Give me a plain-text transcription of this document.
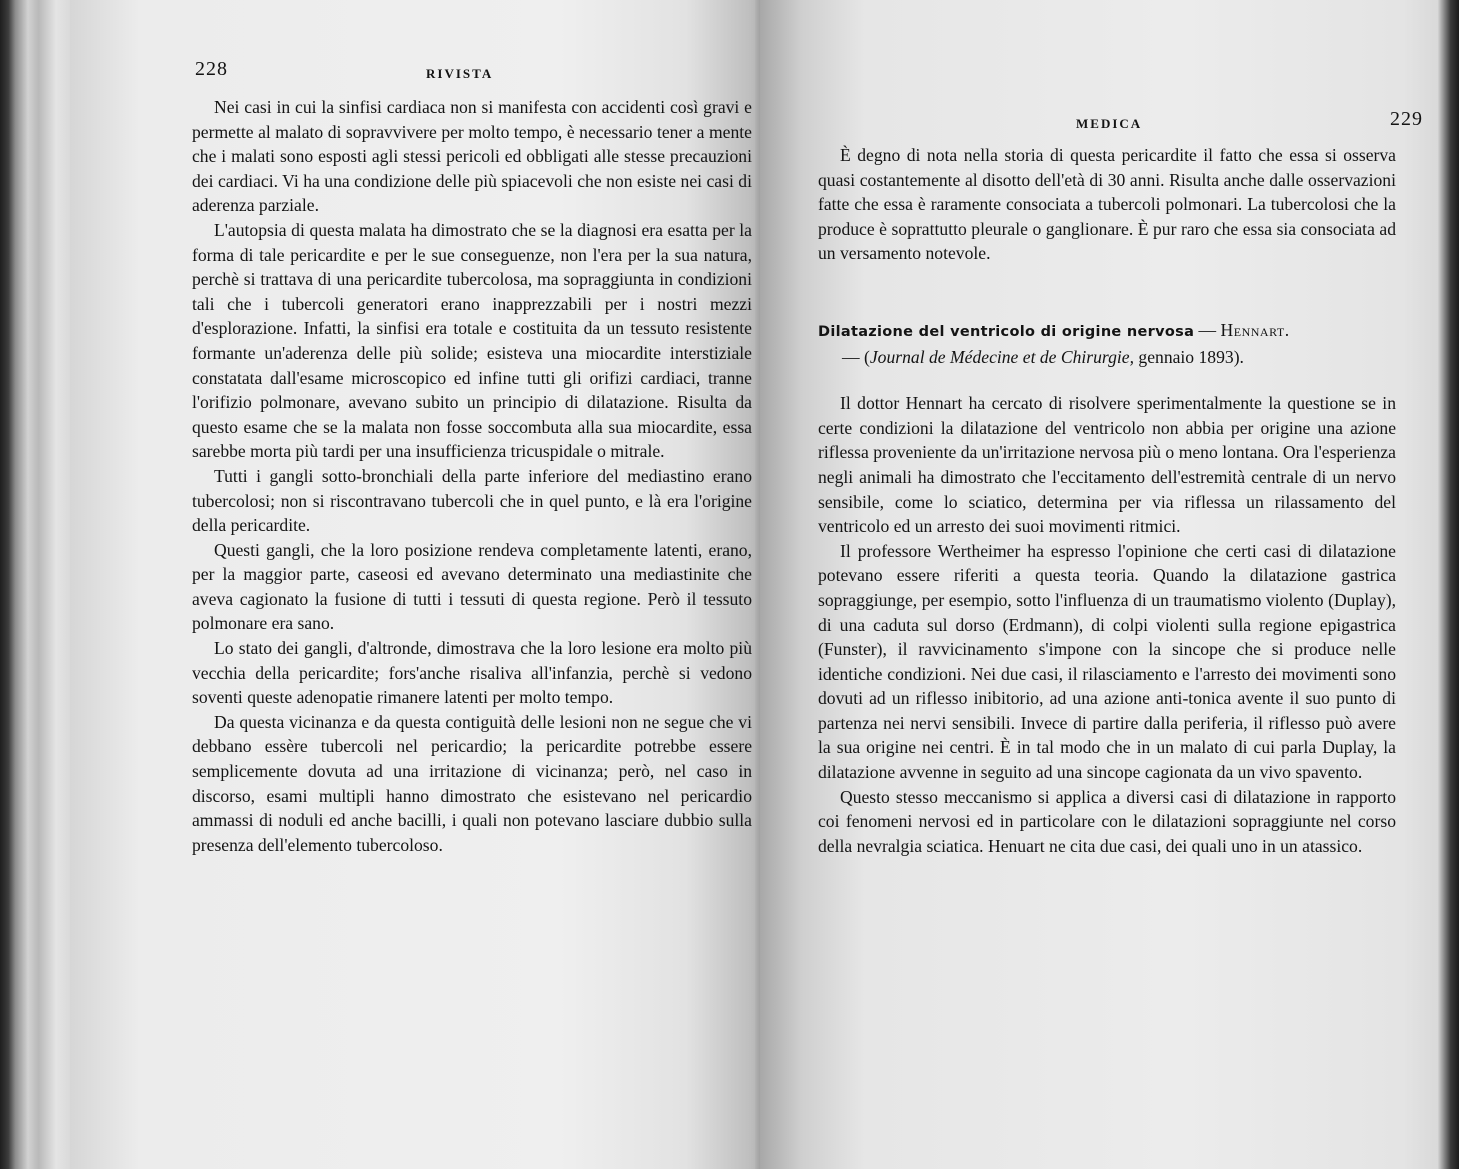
228	RIVISTA

Nei casi in cui la sinfisi cardiaca non si manifesta con accidenti così gravi e permette al malato di sopravvivere per molto tempo, è necessario tener a mente che i malati sono esposti agli stessi pericoli ed obbligati alle stesse precauzioni dei cardiaci. Vi ha una condizione delle più spiacevoli che non esiste nei casi di aderenza parziale.

L'autopsia di questa malata ha dimostrato che se la diagnosi era esatta per la forma di tale pericardite e per le sue conseguenze, non l'era per la sua natura, perchè si trattava di una pericardite tubercolosa, ma sopraggiunta in condizioni tali che i tubercoli generatori erano inapprezzabili per i nostri mezzi d'esplorazione. Infatti, la sinfisi era totale e costituita da un tessuto resistente formante un'aderenza delle più solide; esisteva una miocardite interstiziale constatata dall'esame microscopico ed infine tutti gli orifizi cardiaci, tranne l'orifizio polmonare, avevano subito un principio di dilatazione. Risulta da questo esame che se la malata non fosse soccombuta alla sua miocardite, essa sarebbe morta più tardi per una insufficienza tricuspidale o mitrale.

Tutti i gangli sotto-bronchiali della parte inferiore del mediastino erano tubercolosi; non si riscontravano tubercoli che in quel punto, e là era l'origine della pericardite.

Questi gangli, che la loro posizione rendeva completamente latenti, erano, per la maggior parte, caseosi ed avevano determinato una mediastinite che aveva cagionato la fusione di tutti i tessuti di questa regione. Però il tessuto polmonare era sano.

Lo stato dei gangli, d'altronde, dimostrava che la loro lesione era molto più vecchia della pericardite; fors'anche risaliva all'infanzia, perchè si vedono soventi queste adenopatie rimanere latenti per molto tempo.

Da questa vicinanza e da questa contiguità delle lesioni non ne segue che vi debbano essère tubercoli nel pericardio; la pericardite potrebbe essere semplicemente dovuta ad una irritazione di vicinanza; però, nel caso in discorso, esami multipli hanno dimostrato che esistevano nel pericardio ammassi di noduli ed anche bacilli, i quali non potevano lasciare dubbio sulla presenza dell'elemento tubercoloso.

MEDICA	229

È degno di nota nella storia di questa pericardite il fatto che essa si osserva quasi costantemente al disotto dell'età di 30 anni. Risulta anche dalle osservazioni fatte che essa è raramente consociata a tubercoli polmonari. La tubercolosi che la produce è soprattutto pleurale o ganglionare. È pur raro che essa sia consociata ad un versamento notevole.

Dilatazione del ventricolo di origine nervosa — Hennart.
— (Journal de Médecine et de Chirurgie, gennaio 1893).

Il dottor Hennart ha cercato di risolvere sperimentalmente la questione se in certe condizioni la dilatazione del ventricolo non abbia per origine una azione riflessa proveniente da un'irritazione nervosa più o meno lontana. Ora l'esperienza negli animali ha dimostrato che l'eccitamento dell'estremità centrale di un nervo sensibile, come lo sciatico, determina per via riflessa un rilassamento del ventricolo ed un arresto dei suoi movimenti ritmici.

Il professore Wertheimer ha espresso l'opinione che certi casi di dilatazione potevano essere riferiti a questa teoria. Quando la dilatazione gastrica sopraggiunge, per esempio, sotto l'influenza di un traumatismo violento (Duplay), di una caduta sul dorso (Erdmann), di colpi violenti sulla regione epigastrica (Funster), il ravvicinamento s'impone con la sincope che si produce nelle identiche condizioni. Nei due casi, il rilasciamento e l'arresto dei movimenti sono dovuti ad un riflesso inibitorio, ad una azione anti-tonica avente il suo punto di partenza nei nervi sensibili. Invece di partire dalla periferia, il riflesso può avere la sua origine nei centri. È in tal modo che in un malato di cui parla Duplay, la dilatazione avvenne in seguito ad una sincope cagionata da un vivo spavento.

Questo stesso meccanismo si applica a diversi casi di dilatazione in rapporto coi fenomeni nervosi ed in particolare con le dilatazioni sopraggiunte nel corso della nevralgia sciatica. Henuart ne cita due casi, dei quali uno in un atassico.
